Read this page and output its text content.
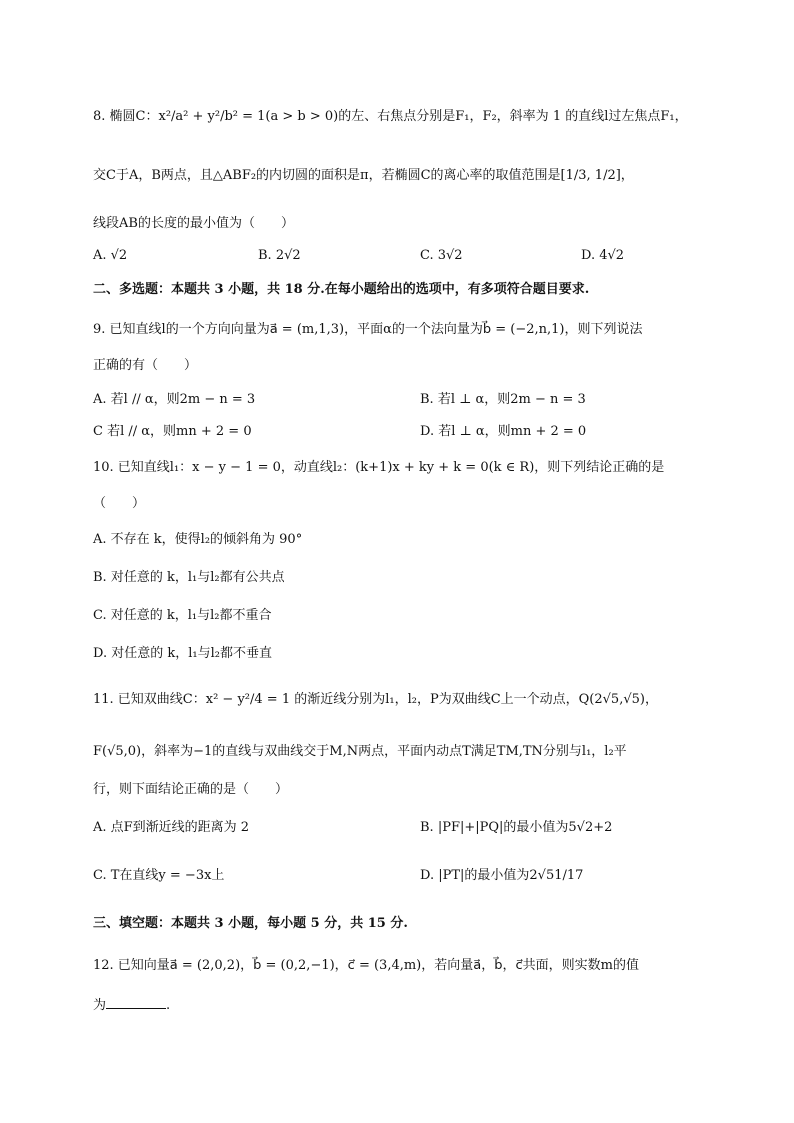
8. 椭圆C：x²/a² + y²/b² = 1(a > b > 0)的左、右焦点分别是F₁，F₂，斜率为 1 的直线l过左焦点F₁，
交C于A，B两点，且△ABF₂的内切圆的面积是π，若椭圆C的离心率的取值范围是[1/3, 1/2]，
线段AB的长度的最小值为（　　）
A. √2	B. 2√2	C. 3√2	D. 4√2
二、多选题：本题共 3 小题，共 18 分.在每小题给出的选项中，有多项符合题目要求.
9. 已知直线l的一个方向向量为a⃗ = (m,1,3)，平面α的一个法向量为b⃗ = (−2,n,1)，则下列说法
正确的有（　　）
A. 若l // α，则2m − n = 3	B. 若l ⊥ α，则2m − n = 3
C 若l // α，则mn + 2 = 0	D. 若l ⊥ α，则mn + 2 = 0
10. 已知直线l₁：x − y − 1 = 0，动直线l₂：(k+1)x + ky + k = 0(k ∈ R)，则下列结论正确的是
（　　）
A. 不存在 k，使得l₂的倾斜角为 90°
B. 对任意的 k，l₁与l₂都有公共点
C. 对任意的 k，l₁与l₂都不重合
D. 对任意的 k，l₁与l₂都不垂直
11. 已知双曲线C：x² − y²/4 = 1 的渐近线分别为l₁，l₂，P为双曲线C上一个动点，Q(2√5,√5)，
F(√5,0)，斜率为−1的直线与双曲线交于M,N两点，平面内动点T满足TM,TN分别与l₁，l₂平
行，则下面结论正确的是（　　）
A. 点F到渐近线的距离为 2	B. |PF|+|PQ|的最小值为5√2+2
C. T在直线y = −3x上	D. |PT|的最小值为2√51/17
三、填空题：本题共 3 小题，每小题 5 分，共 15 分.
12. 已知向量a⃗ = (2,0,2)，b⃗ = (0,2,−1)，c⃗ = (3,4,m)，若向量a⃗，b⃗，c⃗共面，则实数m的值
为	.
